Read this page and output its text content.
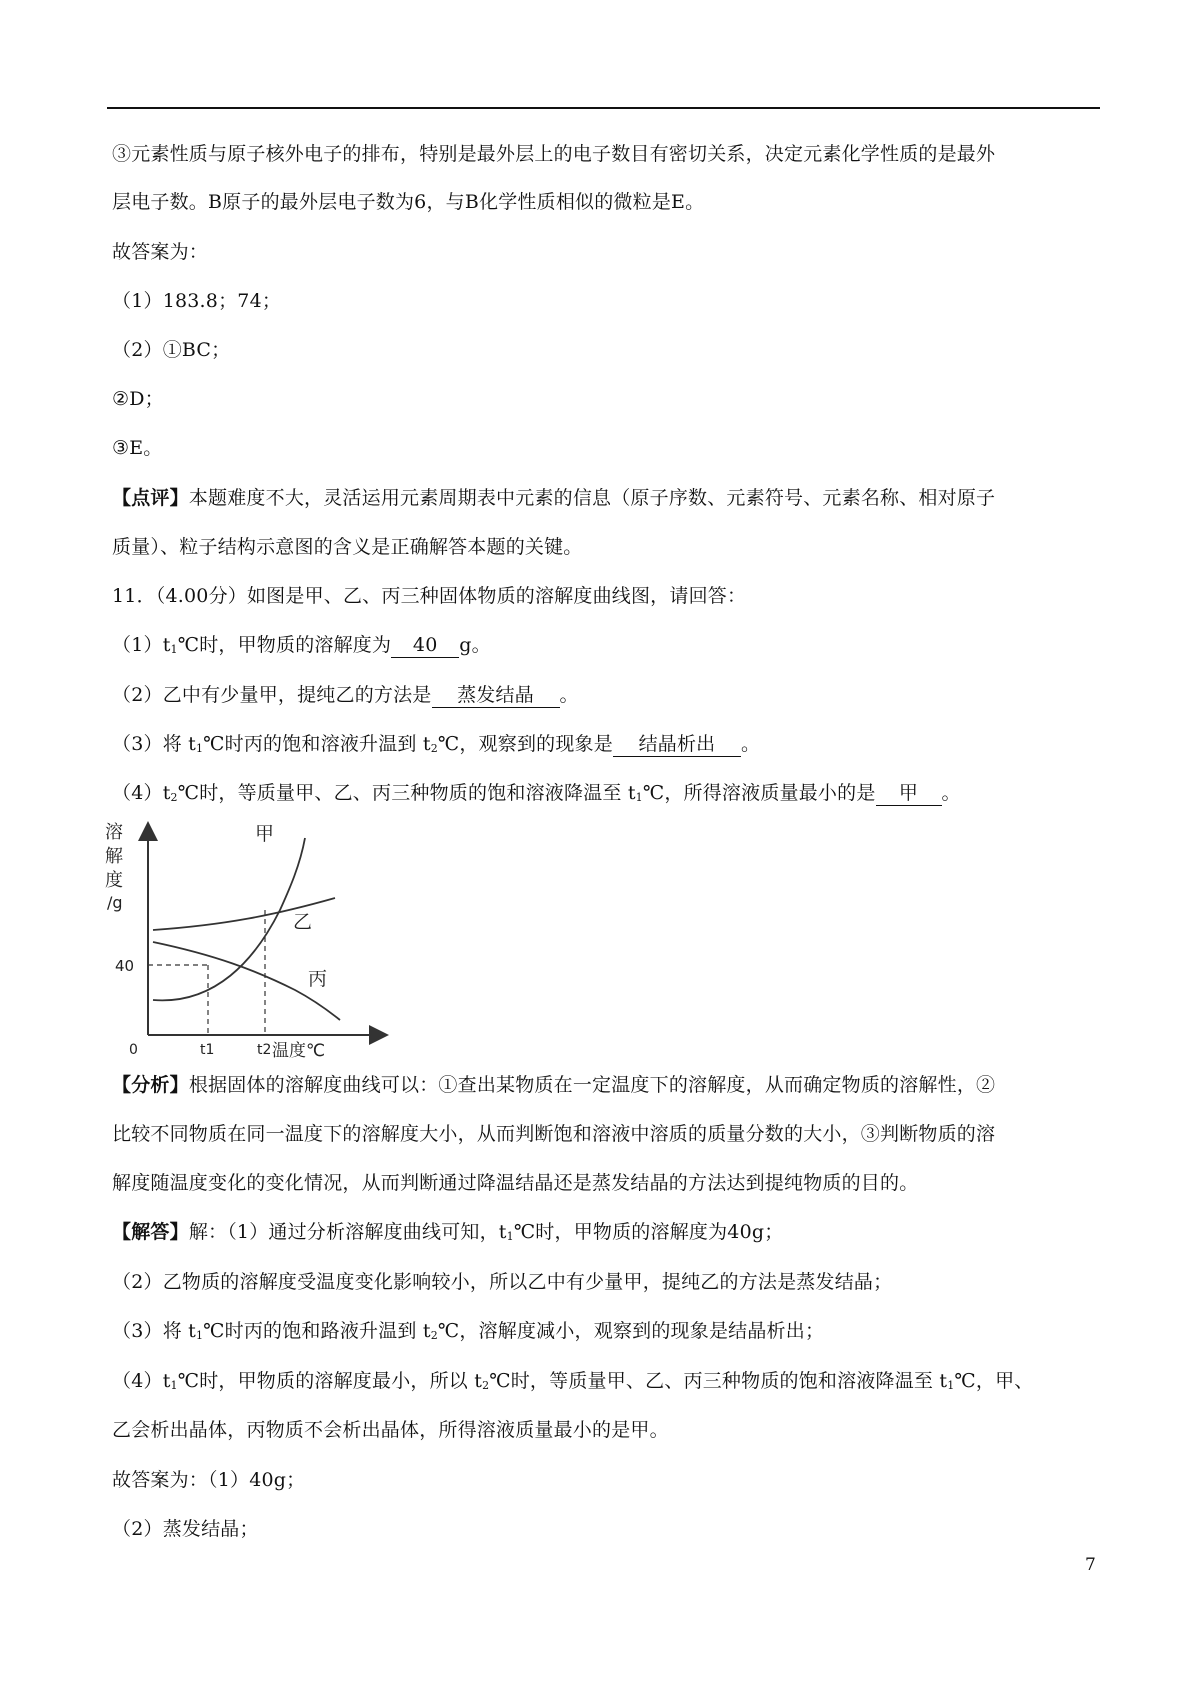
③元素性质与原子核外电子的排布，特别是最外层上的电子数目有密切关系，决定元素化学性质的是最外
层电子数。B原子的最外层电子数为6，与B化学性质相似的微粒是E。
故答案为：
（1）183.8；74；
（2）①BC；
②D；
③E。
【点评】本题难度不大，灵活运用元素周期表中元素的信息（原子序数、元素符号、元素名称、相对原子
质量）、粒子结构示意图的含义是正确解答本题的关键。
11．（4.00分）如图是甲、乙、丙三种固体物质的溶解度曲线图，请回答：
$(1)t_1℃$时，甲物质的溶解度为 40 g。
（2）乙中有少量甲，提纯乙的方法是 蒸发结晶 。
（3）将 $t_1℃$时丙的饱和溶液升温到 $t_2℃$，观察到的现象是 结晶析出 。
$(4)t_2℃$时，等质量甲、乙、丙三种物质的饱和溶液降温至 $t_1℃$，所得溶液质量最小的是 甲 。
溶
解
度
/g
40
0	t1	t2 温度℃
甲
乙
丙
【分析】根据固体的溶解度曲线可以：①查出某物质在一定温度下的溶解度，从而确定物质的溶解性，②
比较不同物质在同一温度下的溶解度大小，从而判断饱和溶液中溶质的质量分数的大小，③判断物质的溶
解度随温度变化的变化情况，从而判断通过降温结晶还是蒸发结晶的方法达到提纯物质的目的。
【解答】解：（1）通过分析溶解度曲线可知，$t_1℃$时，甲物质的溶解度为40g；
（2）乙物质的溶解度受温度变化影响较小，所以乙中有少量甲，提纯乙的方法是蒸发结晶；
（3）将 $t_1℃$时丙的饱和路液升温到 $t_2℃$，溶解度减小，观察到的现象是结晶析出；
$(4)t_1℃$时，甲物质的溶解度最小，所以 $t_2℃$时，等质量甲、乙、丙三种物质的饱和溶液降温至 $t_1℃$，甲、
乙会析出晶体，丙物质不会析出晶体，所得溶液质量最小的是甲。
故答案为：（1）40g；
（2）蒸发结晶；
7
